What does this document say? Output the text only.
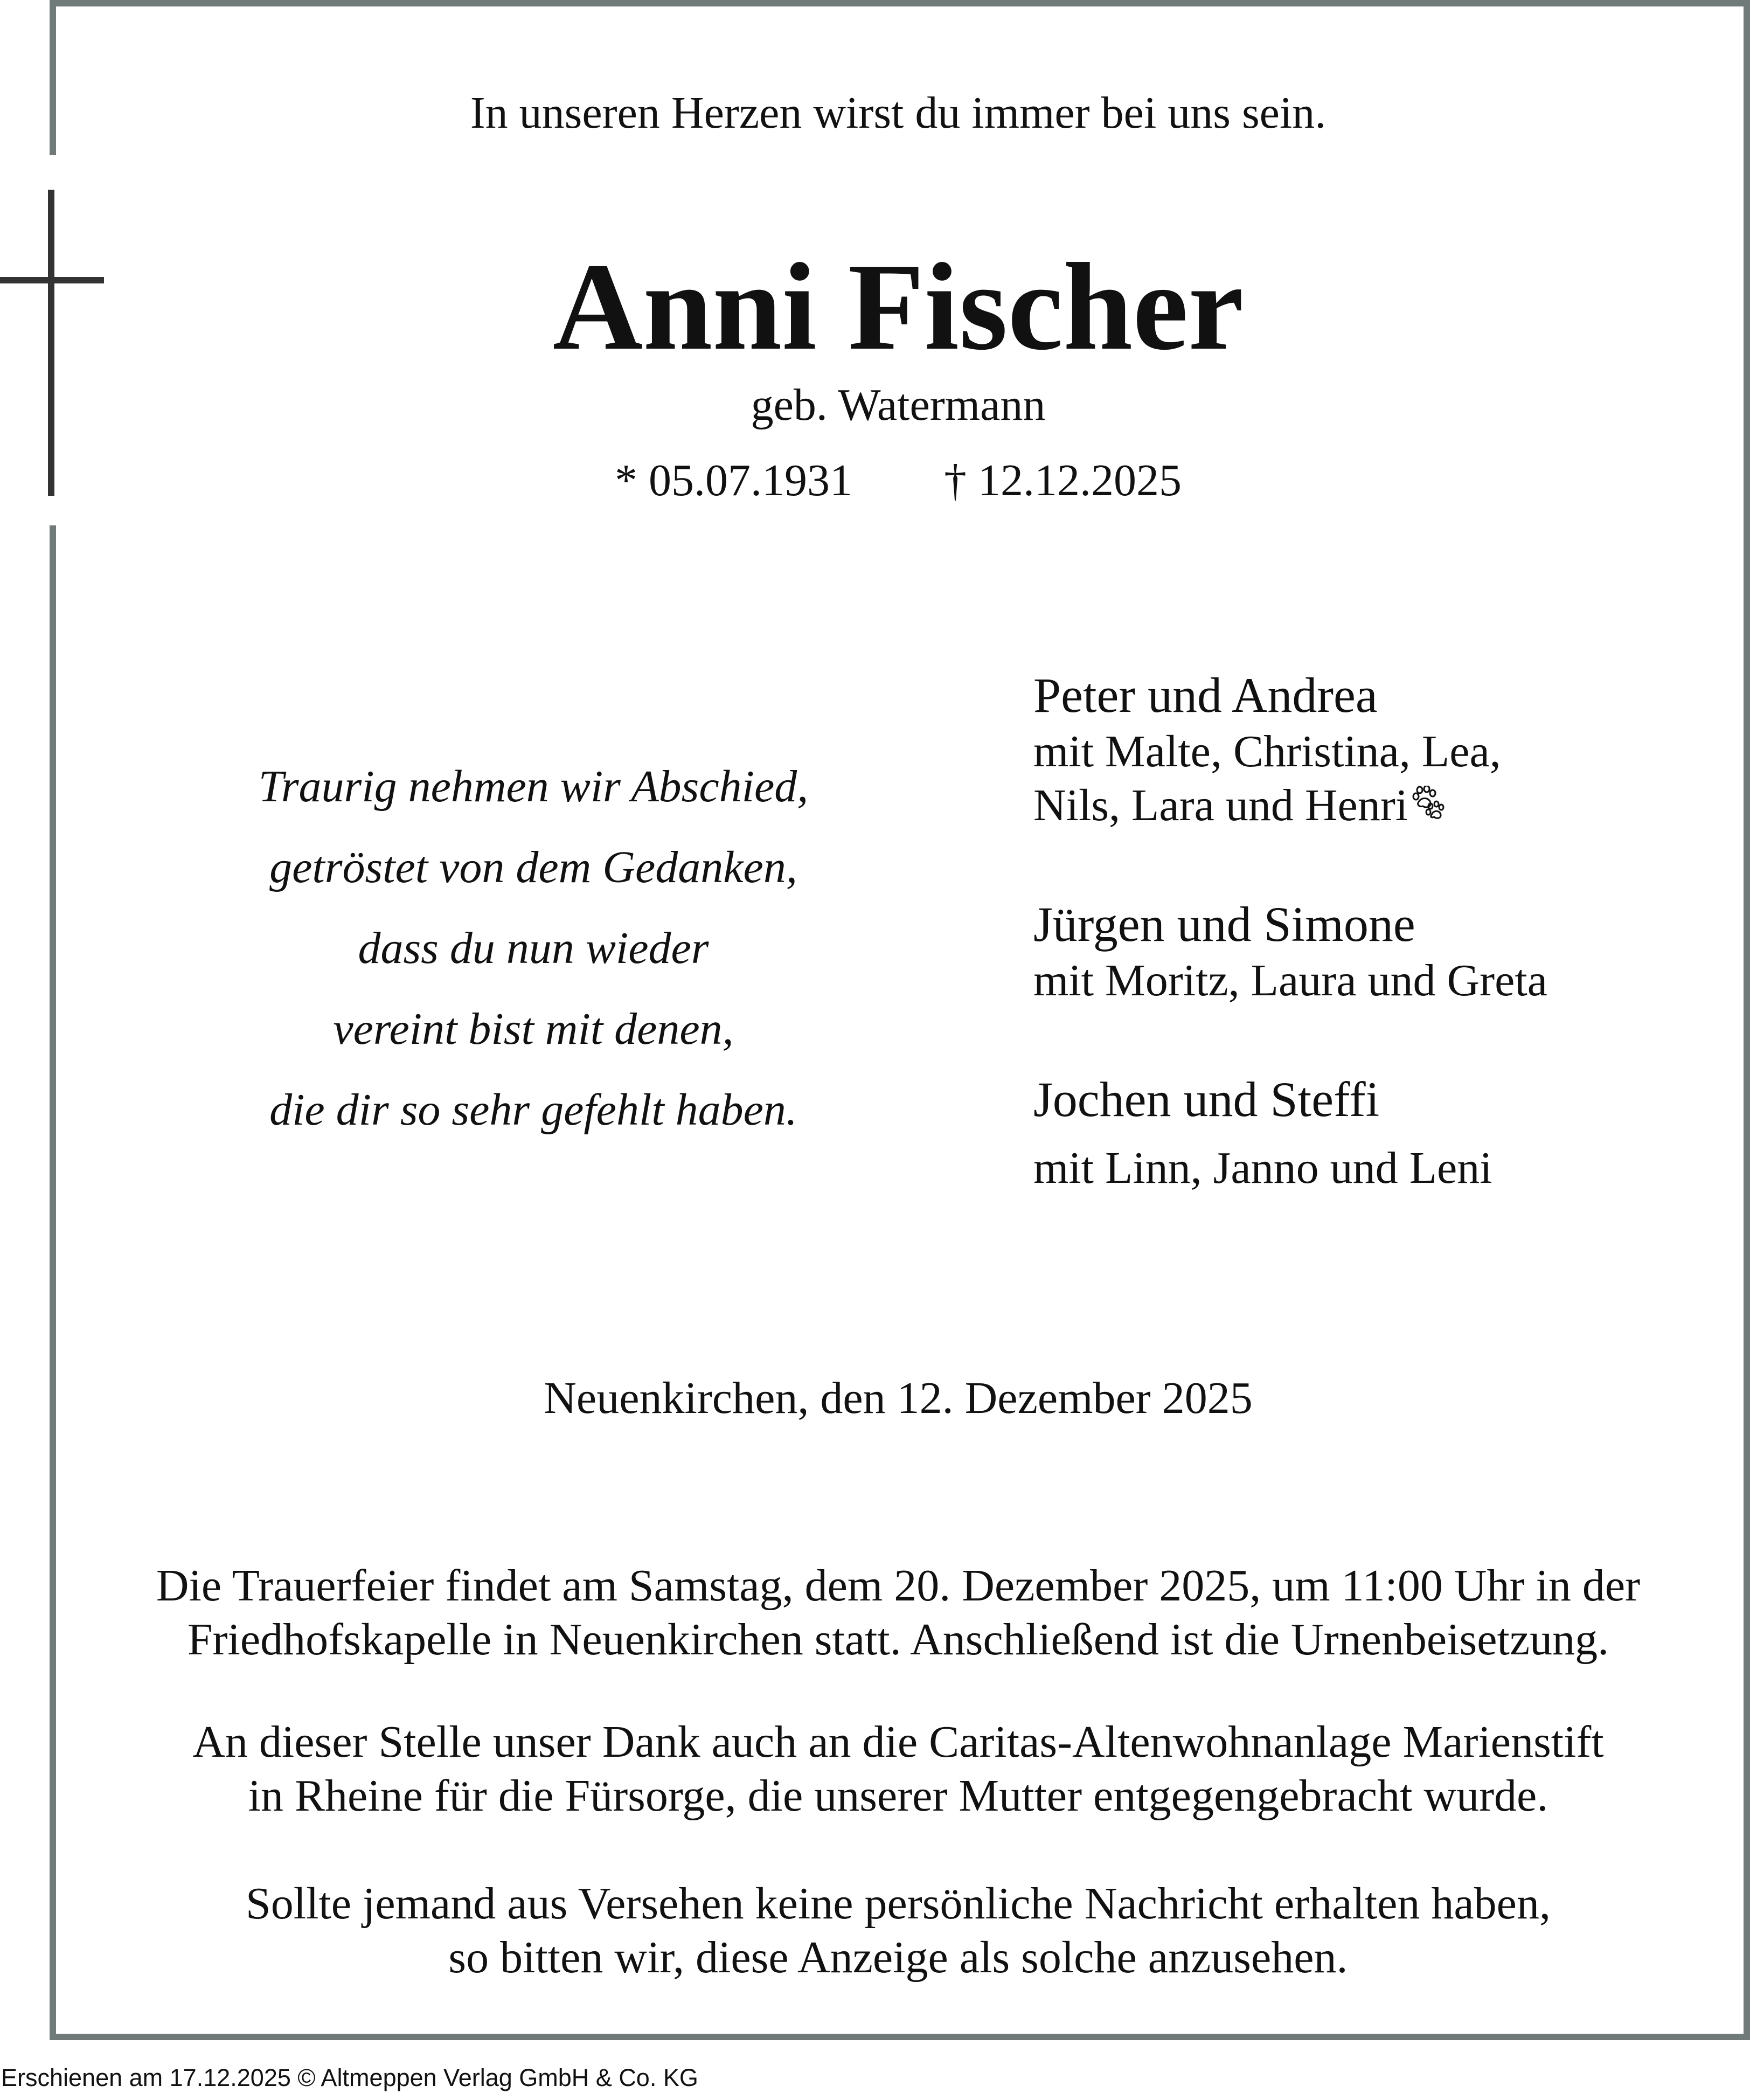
In unseren Herzen wirst du immer bei uns sein.
Anni Fischer
geb. Watermann
* 05.07.1931 † 12.12.2025
Traurig nehmen wir Abschied,
getröstet von dem Gedanken,
dass du nun wieder
vereint bist mit denen,
die dir so sehr gefehlt haben.
Peter und Andrea
mit Malte, Christina, Lea,
Nils, Lara und Henri
Jürgen und Simone
mit Moritz, Laura und Greta
Jochen und Steffi
mit Linn, Janno und Leni
Neuenkirchen, den 12. Dezember 2025
Die Trauerfeier findet am Samstag, dem 20. Dezember 2025, um 11:00 Uhr in der
Friedhofskapelle in Neuenkirchen statt. Anschließend ist die Urnenbeisetzung.
An dieser Stelle unser Dank auch an die Caritas-Altenwohnanlage Marienstift
in Rheine für die Fürsorge, die unserer Mutter entgegengebracht wurde.
Sollte jemand aus Versehen keine persönliche Nachricht erhalten haben,
so bitten wir, diese Anzeige als solche anzusehen.
Erschienen am 17.12.2025 © Altmeppen Verlag GmbH & Co. KG
